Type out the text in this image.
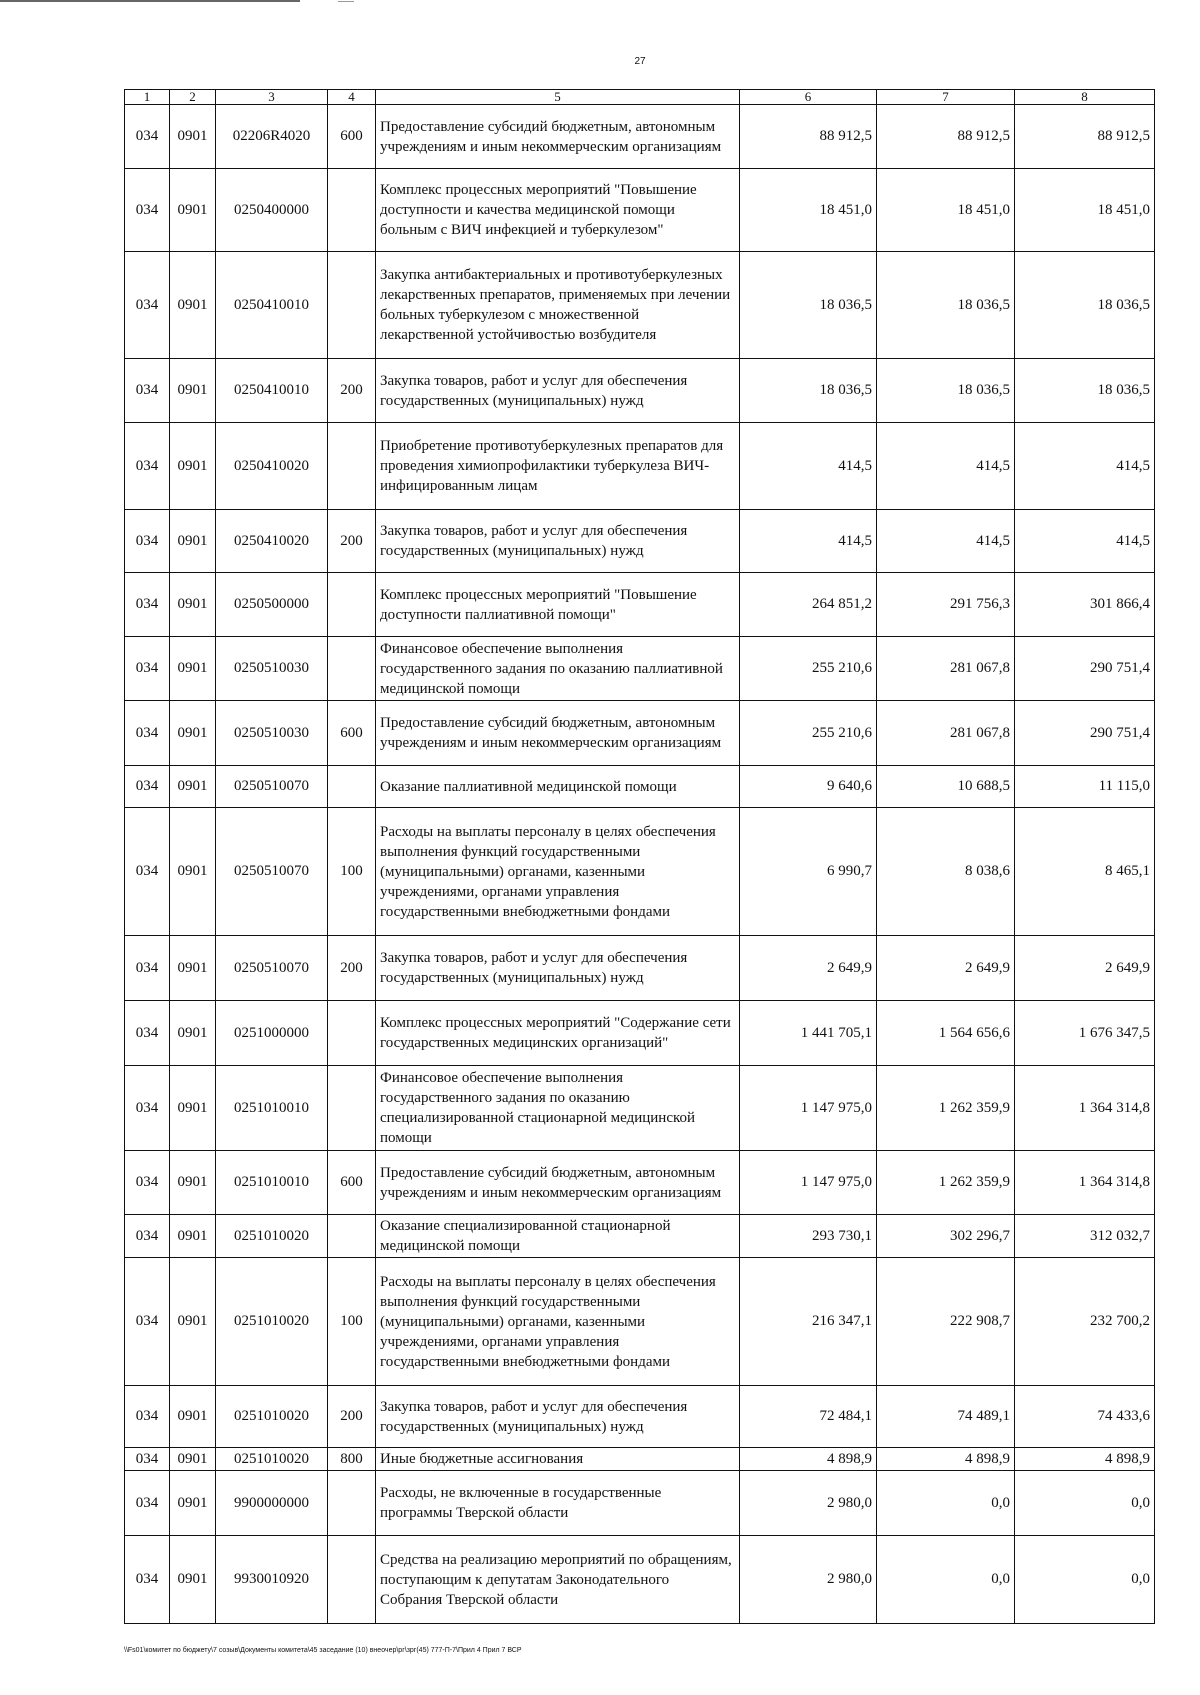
27
1	2	3	4	5	6	7	8
034	0901	02206R4020	600	Предоставление субсидий бюджетным, автономным учреждениям и иным некоммерческим организациям	88 912,5	88 912,5	88 912,5
034	0901	0250400000		Комплекс процессных мероприятий "Повышение доступности и качества медицинской помощи больным с ВИЧ инфекцией и туберкулезом"	18 451,0	18 451,0	18 451,0
034	0901	0250410010		Закупка антибактериальных и противотуберкулезных лекарственных препаратов, применяемых при лечении больных туберкулезом с множественной лекарственной устойчивостью возбудителя	18 036,5	18 036,5	18 036,5
034	0901	0250410010	200	Закупка товаров, работ и услуг для обеспечения государственных (муниципальных) нужд	18 036,5	18 036,5	18 036,5
034	0901	0250410020		Приобретение противотуберкулезных препаратов для проведения химиопрофилактики туберкулеза ВИЧ-инфицированным лицам	414,5	414,5	414,5
034	0901	0250410020	200	Закупка товаров, работ и услуг для обеспечения государственных (муниципальных) нужд	414,5	414,5	414,5
034	0901	0250500000		Комплекс процессных мероприятий "Повышение доступности паллиативной помощи"	264 851,2	291 756,3	301 866,4
034	0901	0250510030		Финансовое обеспечение выполнения государственного задания по оказанию паллиативной медицинской помощи	255 210,6	281 067,8	290 751,4
034	0901	0250510030	600	Предоставление субсидий бюджетным, автономным учреждениям и иным некоммерческим организациям	255 210,6	281 067,8	290 751,4
034	0901	0250510070		Оказание паллиативной медицинской помощи	9 640,6	10 688,5	11 115,0
034	0901	0250510070	100	Расходы на выплаты персоналу в целях обеспечения выполнения функций государственными (муниципальными) органами, казенными учреждениями, органами управления государственными внебюджетными фондами	6 990,7	8 038,6	8 465,1
034	0901	0250510070	200	Закупка товаров, работ и услуг для обеспечения государственных (муниципальных) нужд	2 649,9	2 649,9	2 649,9
034	0901	0251000000		Комплекс процессных мероприятий "Содержание сети государственных медицинских организаций"	1 441 705,1	1 564 656,6	1 676 347,5
034	0901	0251010010		Финансовое обеспечение выполнения государственного задания по оказанию специализированной стационарной медицинской помощи	1 147 975,0	1 262 359,9	1 364 314,8
034	0901	0251010010	600	Предоставление субсидий бюджетным, автономным учреждениям и иным некоммерческим организациям	1 147 975,0	1 262 359,9	1 364 314,8
034	0901	0251010020		Оказание специализированной стационарной медицинской помощи	293 730,1	302 296,7	312 032,7
034	0901	0251010020	100	Расходы на выплаты персоналу в целях обеспечения выполнения функций государственными (муниципальными) органами, казенными учреждениями, органами управления государственными внебюджетными фондами	216 347,1	222 908,7	232 700,2
034	0901	0251010020	200	Закупка товаров, работ и услуг для обеспечения государственных (муниципальных) нужд	72 484,1	74 489,1	74 433,6
034	0901	0251010020	800	Иные бюджетные ассигнования	4 898,9	4 898,9	4 898,9
034	0901	9900000000		Расходы, не включенные в государственные программы Тверской области	2 980,0	0,0	0,0
034	0901	9930010920		Средства на реализацию мероприятий по обращениям, поступающим к депутатам Законодательного Собрания Тверской области	2 980,0	0,0	0,0
\\Fs01\комитет по бюджету\7 созыв\Документы комитета\45 заседание (10) внеочер\рг\зрг(45) 777-П-7\Прил 4 Прил 7 ВСР
